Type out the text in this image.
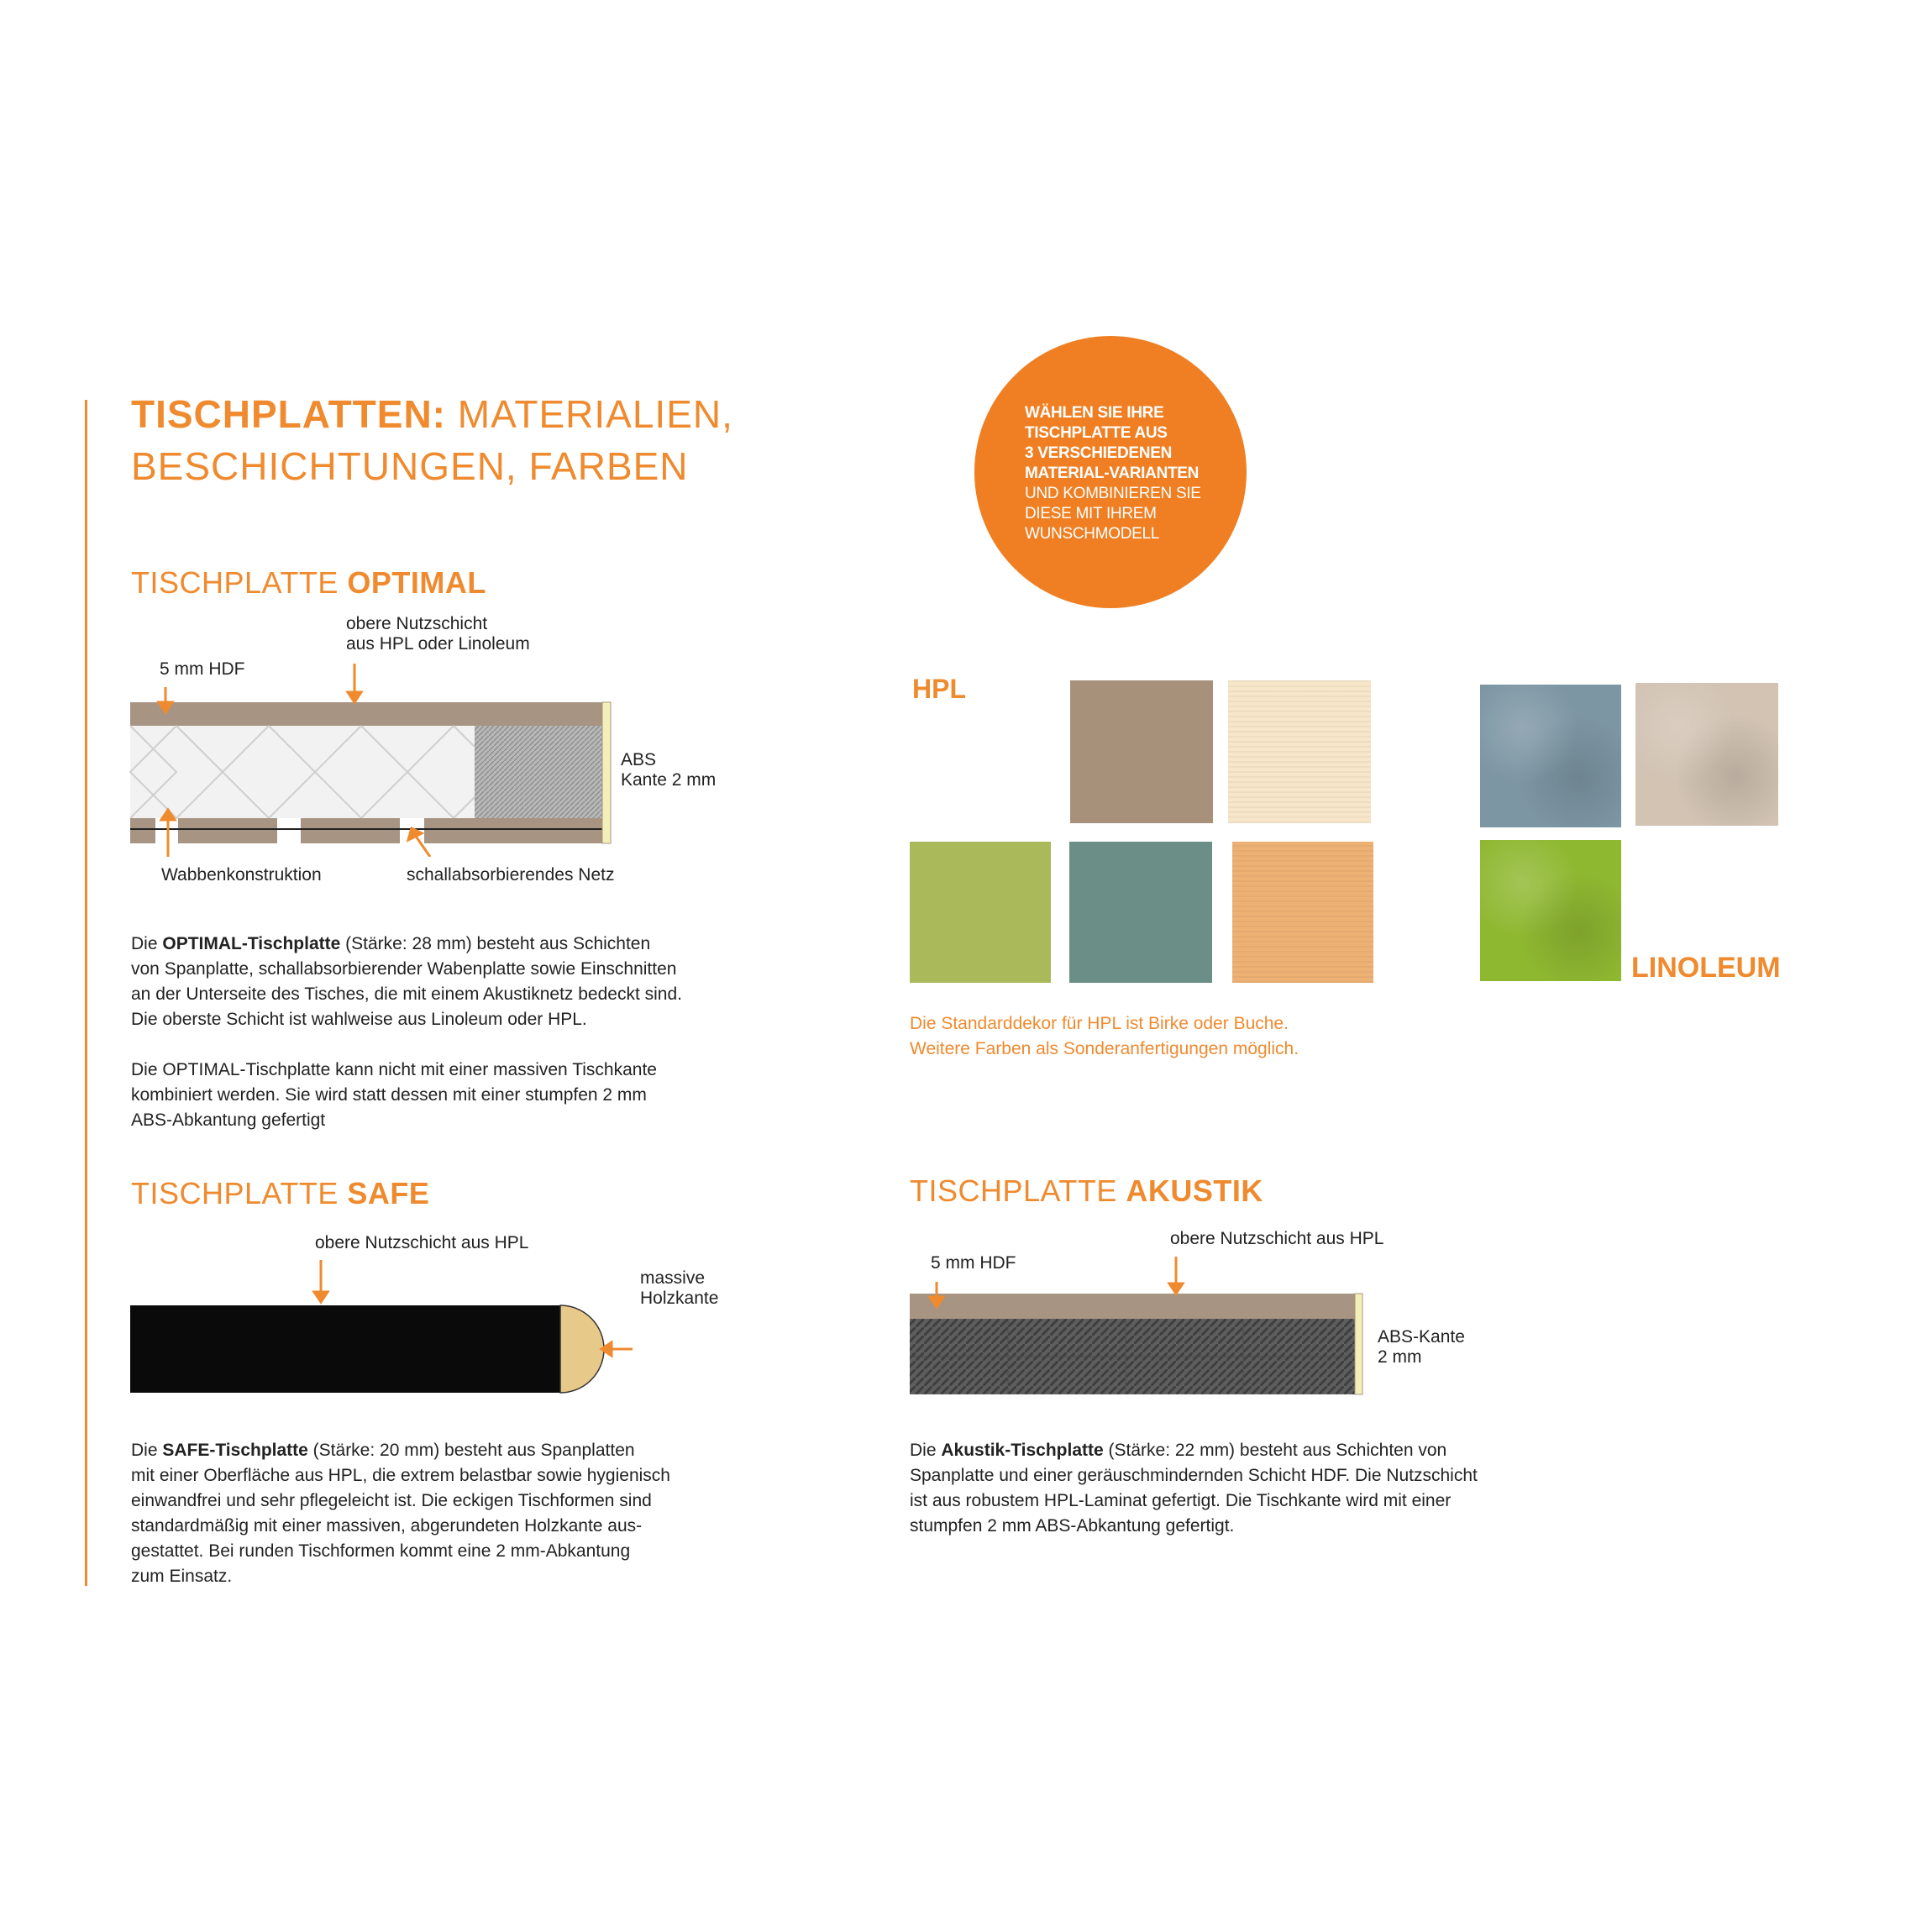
TISCHPLATTEN: MATERIALIEN,
BESCHICHTUNGEN, FARBEN
WÄHLEN SIE IHRE
TISCHPLATTE AUS
3 VERSCHIEDENEN
MATERIAL-VARIANTEN
UND KOMBINIEREN SIE
DIESE MIT IHREM
WUNSCHMODELL
TISCHPLATTE OPTIMAL
obere Nutzschicht
aus HPL oder Linoleum
5 mm HDF
ABS
Kante 2 mm
Wabbenkonstruktion	schallabsorbierendes Netz
Die OPTIMAL-Tischplatte (Stärke: 28 mm) besteht aus Schichten
von Spanplatte, schallabsorbierender Wabenplatte sowie Einschnitten
an der Unterseite des Tisches, die mit einem Akustiknetz bedeckt sind.
Die oberste Schicht ist wahlweise aus Linoleum oder HPL.
Die OPTIMAL-Tischplatte kann nicht mit einer massiven Tischkante
kombiniert werden. Sie wird statt dessen mit einer stumpfen 2 mm
ABS-Abkantung gefertigt
TISCHPLATTE SAFE
obere Nutzschicht aus HPL
massive
Holzkante
Die SAFE-Tischplatte (Stärke: 20 mm) besteht aus Spanplatten
mit einer Oberfläche aus HPL, die extrem belastbar sowie hygienisch
einwandfrei und sehr pflegeleicht ist. Die eckigen Tischformen sind
standardmäßig mit einer massiven, abgerundeten Holzkante aus-
gestattet. Bei runden Tischformen kommt eine 2 mm-Abkantung
zum Einsatz.
HPL
LINOLEUM
Die Standarddekor für HPL ist Birke oder Buche.
Weitere Farben als Sonderanfertigungen möglich.
TISCHPLATTE AKUSTIK
obere Nutzschicht aus HPL
5 mm HDF
ABS-Kante
2 mm
Die Akustik-Tischplatte (Stärke: 22 mm) besteht aus Schichten von
Spanplatte und einer geräuschmindernden Schicht HDF. Die Nutzschicht
ist aus robustem HPL-Laminat gefertigt. Die Tischkante wird mit einer
stumpfen 2 mm ABS-Abkantung gefertigt.
